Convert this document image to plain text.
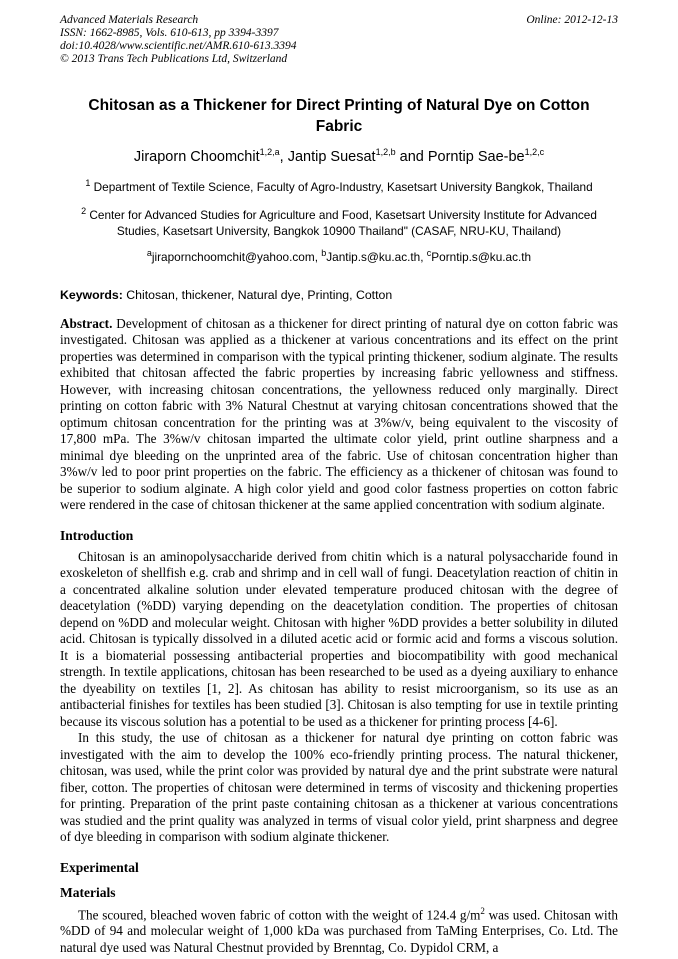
Advanced Materials Research
ISSN: 1662-8985, Vols. 610-613, pp 3394-3397
doi:10.4028/www.scientific.net/AMR.610-613.3394
© 2013 Trans Tech Publications Ltd, Switzerland
Online: 2012-12-13
Chitosan as a Thickener for Direct Printing of Natural Dye on Cotton Fabric
Jiraporn Choomchit$^{1,2,a}$, Jantip Suesat$^{1,2,b}$ and Porntip Sae-be$^{1,2,c}$
$^1$ Department of Textile Science, Faculty of Agro-Industry, Kasetsart University Bangkok, Thailand
$^2$ Center for Advanced Studies for Agriculture and Food, Kasetsart University Institute for Advanced Studies, Kasetsart University, Bangkok 10900 Thailand" (CASAF, NRU-KU, Thailand)
$^a$jirapornchoomchit@yahoo.com, $^b$Jantip.s@ku.ac.th, $^c$Porntip.s@ku.ac.th
Keywords: Chitosan, thickener, Natural dye, Printing, Cotton

Abstract. Development of chitosan as a thickener for direct printing of natural dye on cotton fabric was investigated. Chitosan was applied as a thickener at various concentrations and its effect on the print properties was determined in comparison with the typical printing thickener, sodium alginate. The results exhibited that chitosan affected the fabric properties by increasing fabric yellowness and stiffness. However, with increasing chitosan concentrations, the yellowness reduced only marginally. Direct printing on cotton fabric with 3% Natural Chestnut at varying chitosan concentrations showed that the optimum chitosan concentration for the printing was at 3%w/v, being equivalent to the viscosity of 17,800 mPa. The 3%w/v chitosan imparted the ultimate color yield, print outline sharpness and a minimal dye bleeding on the unprinted area of the fabric. Use of chitosan concentration higher than 3%w/v led to poor print properties on the fabric. The efficiency as a thickener of chitosan was found to be superior to sodium alginate. A high color yield and good color fastness properties on cotton fabric were rendered in the case of chitosan thickener at the same applied concentration with sodium alginate.

Introduction

Chitosan is an aminopolysaccharide derived from chitin which is a natural polysaccharide found in exoskeleton of shellfish e.g. crab and shrimp and in cell wall of fungi. Deacetylation reaction of chitin in a concentrated alkaline solution under elevated temperature produced chitosan with the degree of deacetylation (%DD) varying depending on the deacetylation condition. The properties of chitosan depend on %DD and molecular weight. Chitosan with higher %DD provides a better solubility in diluted acid. Chitosan is typically dissolved in a diluted acetic acid or formic acid and forms a viscous solution. It is a biomaterial possessing antibacterial properties and biocompatibility with good mechanical strength. In textile applications, chitosan has been researched to be used as a dyeing auxiliary to enhance the dyeability on textiles [1, 2]. As chitosan has ability to resist microorganism, so its use as an antibacterial finishes for textiles has been studied [3]. Chitosan is also tempting for use in textile printing because its viscous solution has a potential to be used as a thickener for printing process [4-6].

In this study, the use of chitosan as a thickener for natural dye printing on cotton fabric was investigated with the aim to develop the 100% eco-friendly printing process. The natural thickener, chitosan, was used, while the print color was provided by natural dye and the print substrate were natural fiber, cotton. The properties of chitosan were determined in terms of viscosity and thickening properties for printing. Preparation of the print paste containing chitosan as a thickener at various concentrations was studied and the print quality was analyzed in terms of visual color yield, print sharpness and degree of dye bleeding in comparison with sodium alginate thickener.

Experimental
Materials

The scoured, bleached woven fabric of cotton with the weight of 124.4 $g/m^2$ was used. Chitosan with %DD of 94 and molecular weight of 1,000 kDa was purchased from TaMing Enterprises, Co. Ltd. The natural dye used was Natural Chestnut provided by Brenntag, Co. Dypidol CRM, a
